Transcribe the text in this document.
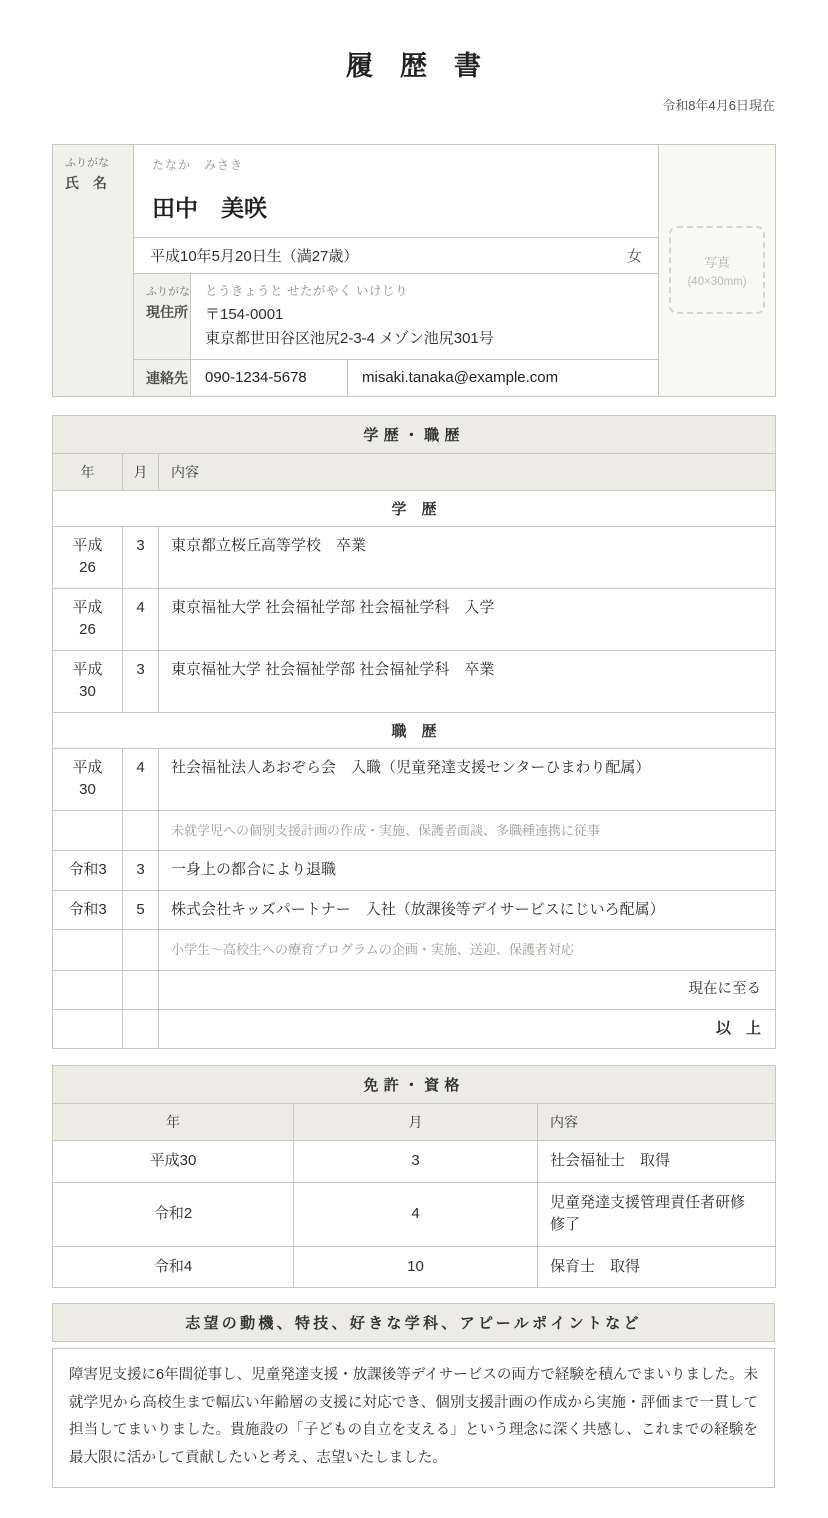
履　歴　書
令和8年4月6日現在
ふりがな
氏　名

たなか　みさき
田中　美咲

写真
(40×30mm)

	平成10年5月20日生（満27歳） 女			

ふりがな
現住所

とうきょうと せたがやく いけじり
〒154-0001
東京都世田谷区池尻2-3-4 メゾン池尻301号

	連絡先	090-1234-5678	misaki.tanaka@example.com	
学歴・職歴		
年	月	内容
学　歴		
平成26	3	東京都立桜丘高等学校　卒業
平成26	4	東京福祉大学 社会福祉学部 社会福祉学科　入学
平成30	3	東京福祉大学 社会福祉学部 社会福祉学科　卒業
職　歴		
平成30	4	社会福祉法人あおぞら会　入職（児童発達支援センターひまわり配属）
		未就学児への個別支援計画の作成・実施、保護者面談、多職種連携に従事
令和3	3	一身上の都合により退職
令和3	5	株式会社キッズパートナー　入社（放課後等デイサービスにじいろ配属）
		小学生～高校生への療育プログラムの企画・実施、送迎、保護者対応
		現在に至る
		以　上
免許・資格		
年	月	内容
平成30	3	社会福祉士　取得
令和2	4	児童発達支援管理責任者研修　修了
令和4	10	保育士　取得
志望の動機、特技、好きな学科、アピールポイントなど
障害児支援に6年間従事し、児童発達支援・放課後等デイサービスの両方で経験を積んでまいりました。未就学児から高校生まで幅広い年齢層の支援に対応でき、個別支援計画の作成から実施・評価まで一貫して担当してまいりました。貴施設の「子どもの自立を支える」という理念に深く共感し、これまでの経験を最大限に活かして貢献したいと考え、志望いたしました。
